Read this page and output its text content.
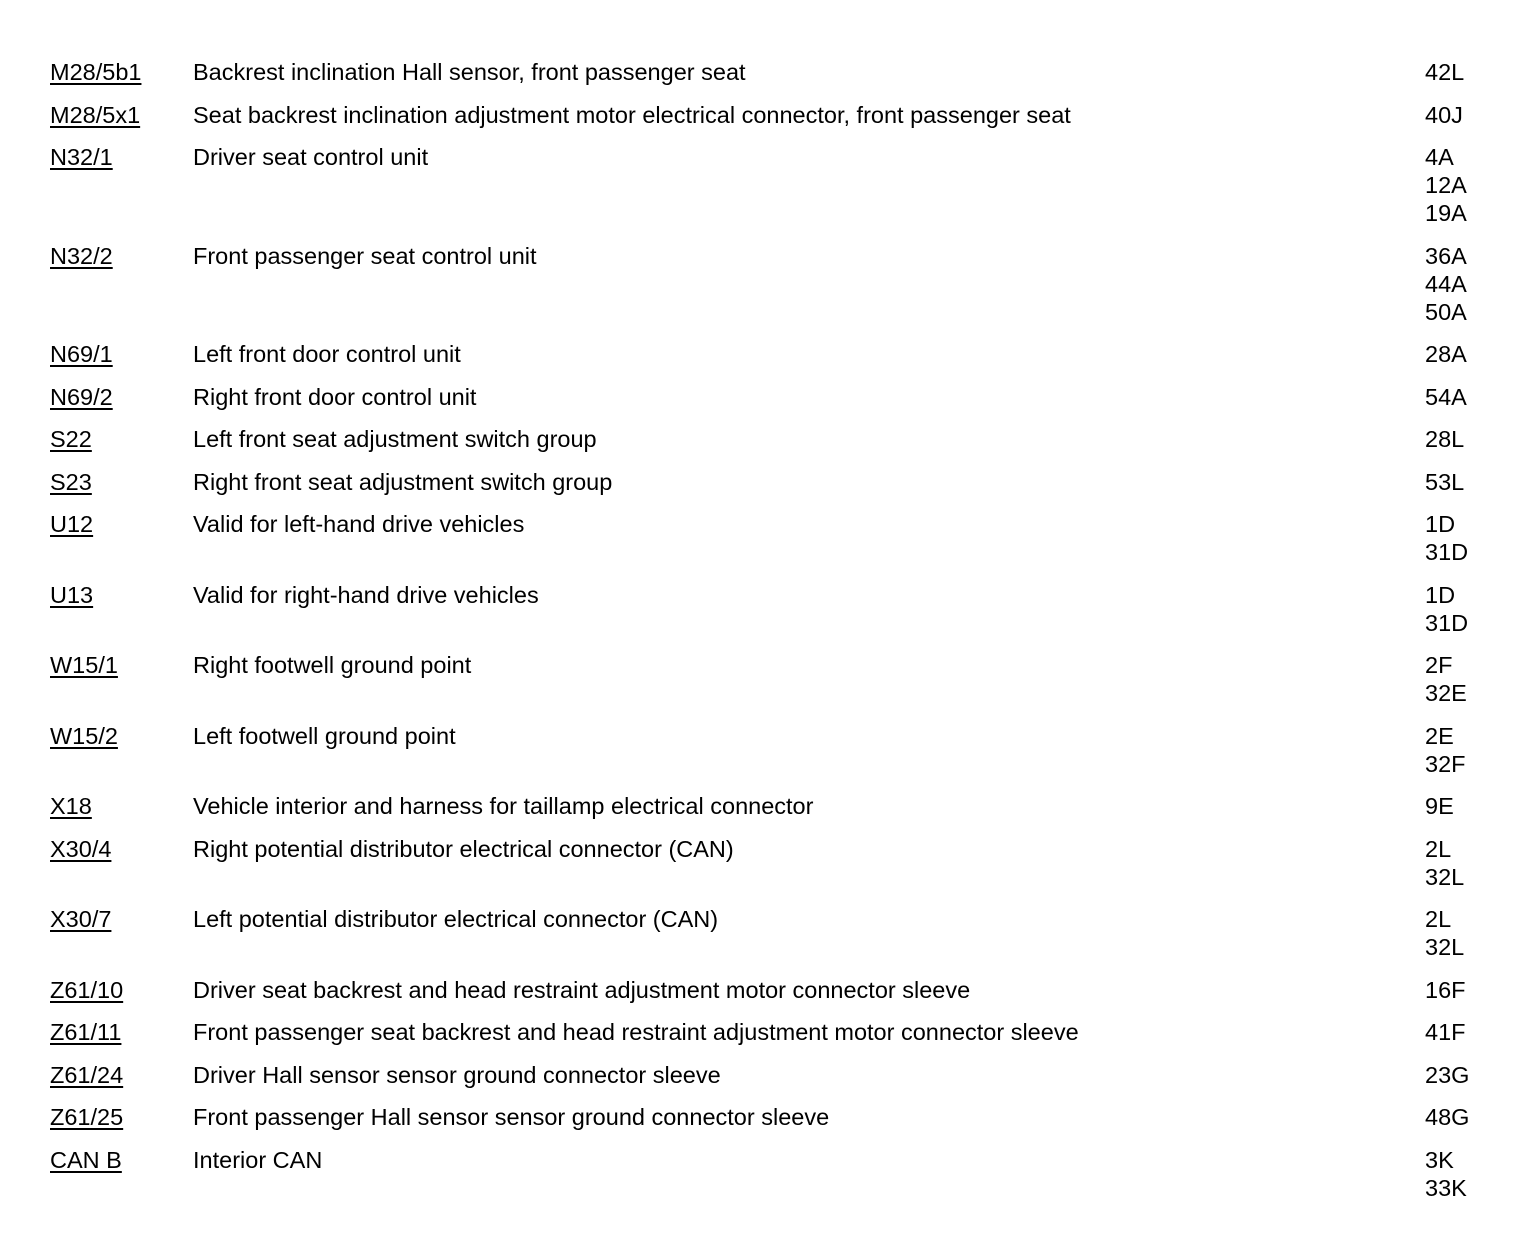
M28/5b1	Backrest inclination Hall sensor, front passenger seat	42L
M28/5x1	Seat backrest inclination adjustment motor electrical connector, front passenger seat	40J
N32/1	Driver seat control unit	4A
12A
19A
N32/2	Front passenger seat control unit	36A
44A
50A
N69/1	Left front door control unit	28A
N69/2	Right front door control unit	54A
S22	Left front seat adjustment switch group	28L
S23	Right front seat adjustment switch group	53L
U12	Valid for left-hand drive vehicles	1D
31D
U13	Valid for right-hand drive vehicles	1D
31D
W15/1	Right footwell ground point	2F
32E
W15/2	Left footwell ground point	2E
32F
X18	Vehicle interior and harness for taillamp electrical connector	9E
X30/4	Right potential distributor electrical connector (CAN)	2L
32L
X30/7	Left potential distributor electrical connector (CAN)	2L
32L
Z61/10	Driver seat backrest and head restraint adjustment motor connector sleeve	16F
Z61/11	Front passenger seat backrest and head restraint adjustment motor connector sleeve	41F
Z61/24	Driver Hall sensor sensor ground connector sleeve	23G
Z61/25	Front passenger Hall sensor sensor ground connector sleeve	48G
CAN B	Interior CAN	3K
33K
